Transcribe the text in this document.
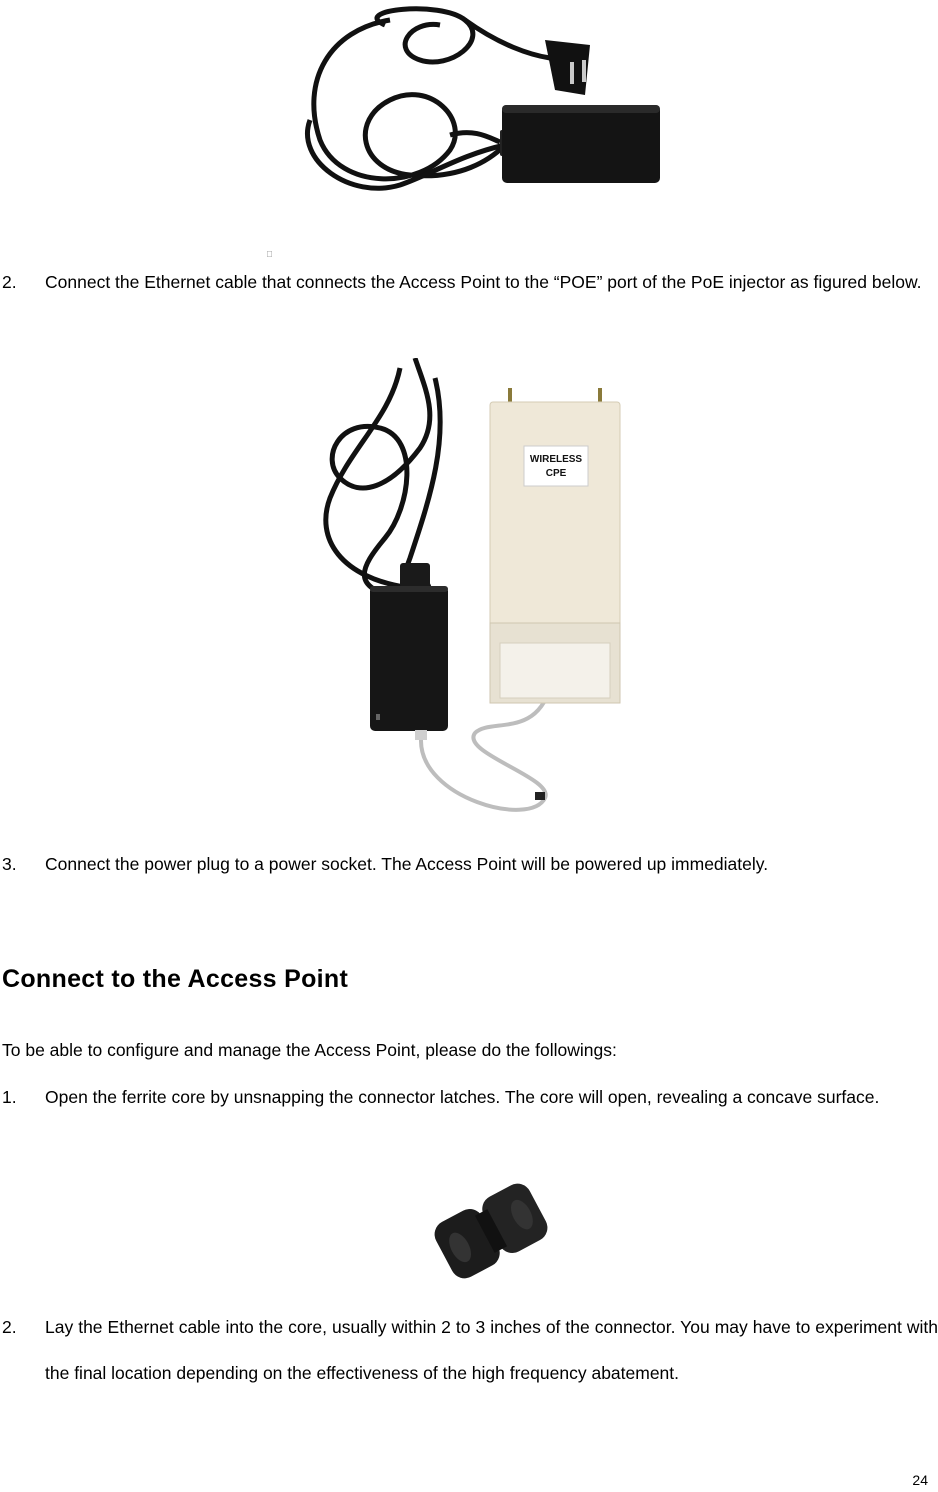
2. Connect the Ethernet cable that connects the Access Point to the “POE” port of the PoE injector as figured below.
WIRELESS
CPE
3. Connect the power plug to a power socket. The Access Point will be powered up immediately.
Connect to the Access Point
To be able to configure and manage the Access Point, please do the followings:
1. Open the ferrite core by unsnapping the connector latches. The core will open, revealing a concave surface.
2. Lay the Ethernet cable into the core, usually within 2 to 3 inches of the connector. You may have to experiment with the final location depending on the effectiveness of the high frequency abatement.
24
